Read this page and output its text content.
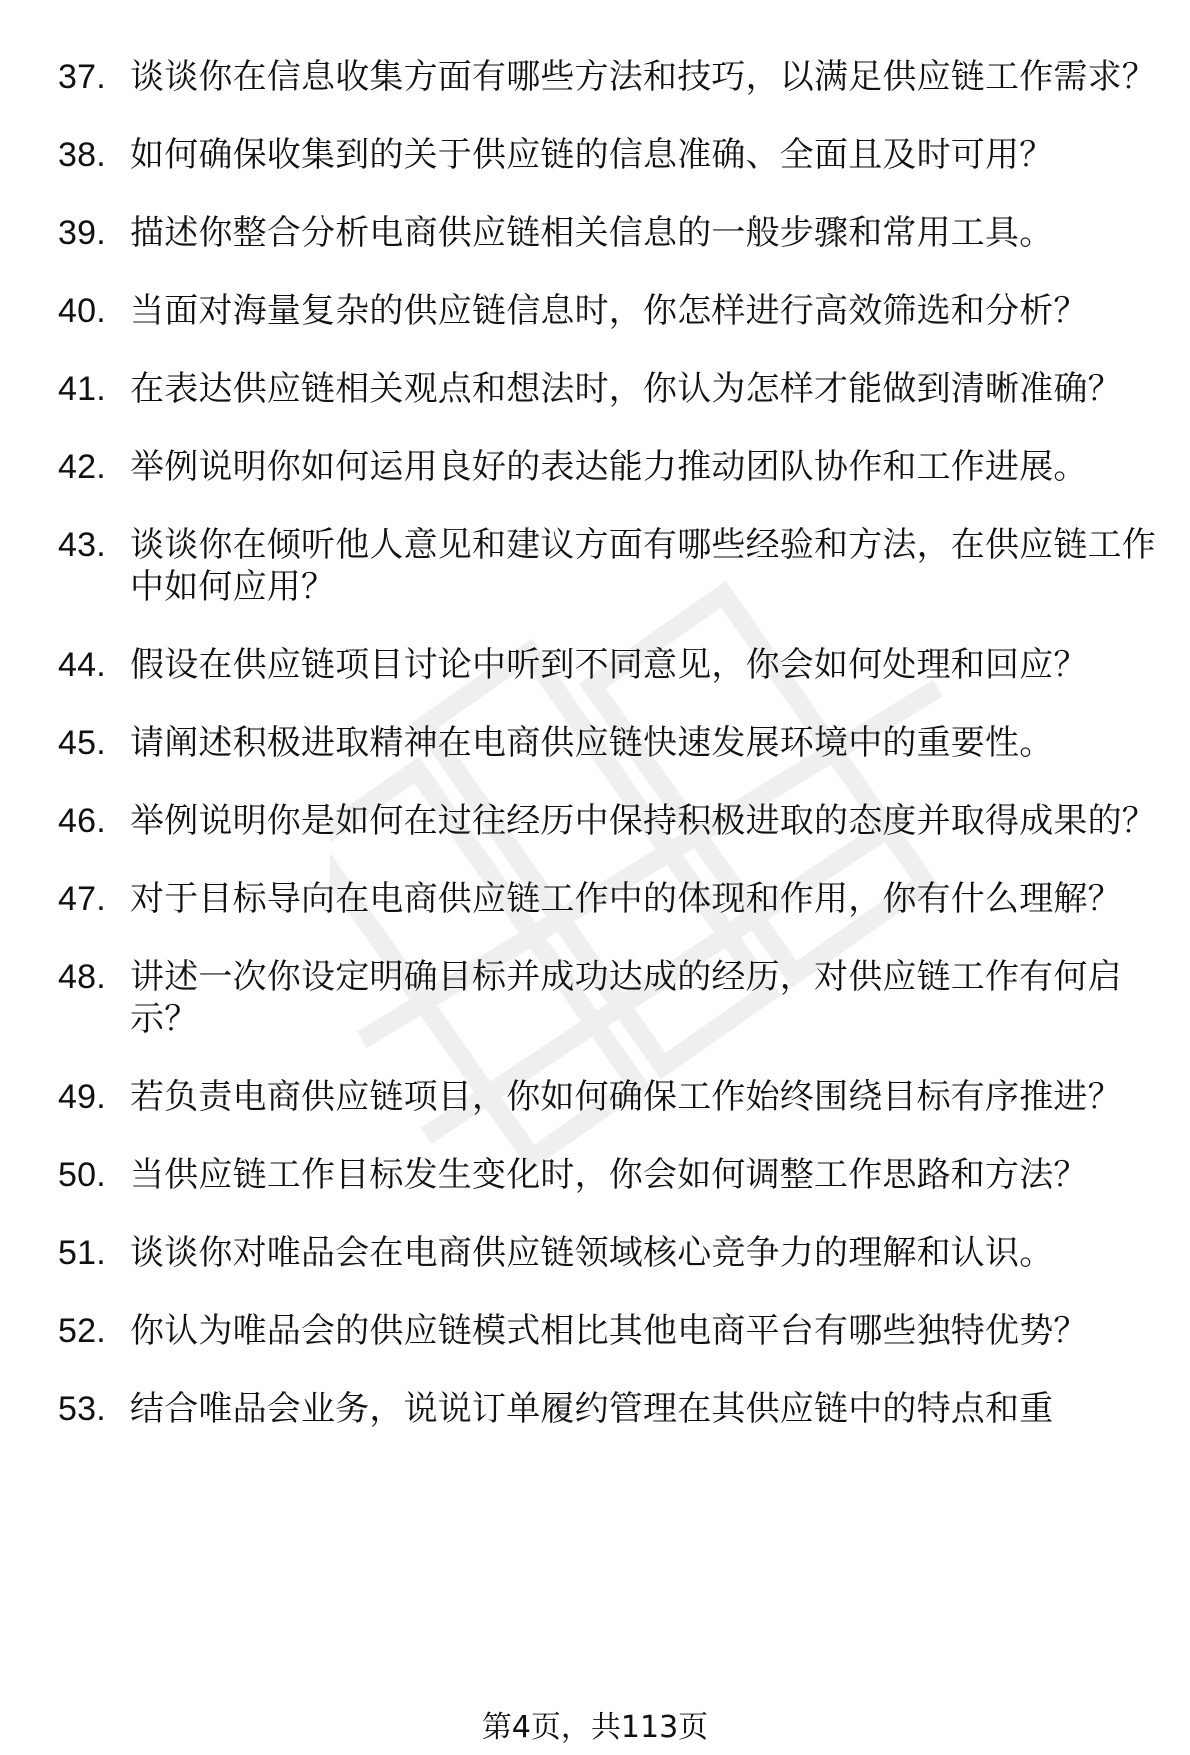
37. 谈谈你在信息收集方面有哪些方法和技巧，以满足供应链工作需求？
38. 如何确保收集到的关于供应链的信息准确、全面且及时可用？
39. 描述你整合分析电商供应链相关信息的一般步骤和常用工具。
40. 当面对海量复杂的供应链信息时，你怎样进行高效筛选和分析？
41. 在表达供应链相关观点和想法时，你认为怎样才能做到清晰准确？
42. 举例说明你如何运用良好的表达能力推动团队协作和工作进展。
43. 谈谈你在倾听他人意见和建议方面有哪些经验和方法，在供应链工作中如何应用？
44. 假设在供应链项目讨论中听到不同意见，你会如何处理和回应？
45. 请阐述积极进取精神在电商供应链快速发展环境中的重要性。
46. 举例说明你是如何在过往经历中保持积极进取的态度并取得成果的？
47. 对于目标导向在电商供应链工作中的体现和作用，你有什么理解？
48. 讲述一次你设定明确目标并成功达成的经历，对供应链工作有何启示？
49. 若负责电商供应链项目，你如何确保工作始终围绕目标有序推进？
50. 当供应链工作目标发生变化时，你会如何调整工作思路和方法？
51. 谈谈你对唯品会在电商供应链领域核心竞争力的理解和认识。
52. 你认为唯品会的供应链模式相比其他电商平台有哪些独特优势？
53. 结合唯品会业务，说说订单履约管理在其供应链中的特点和重
第4页，共113页
